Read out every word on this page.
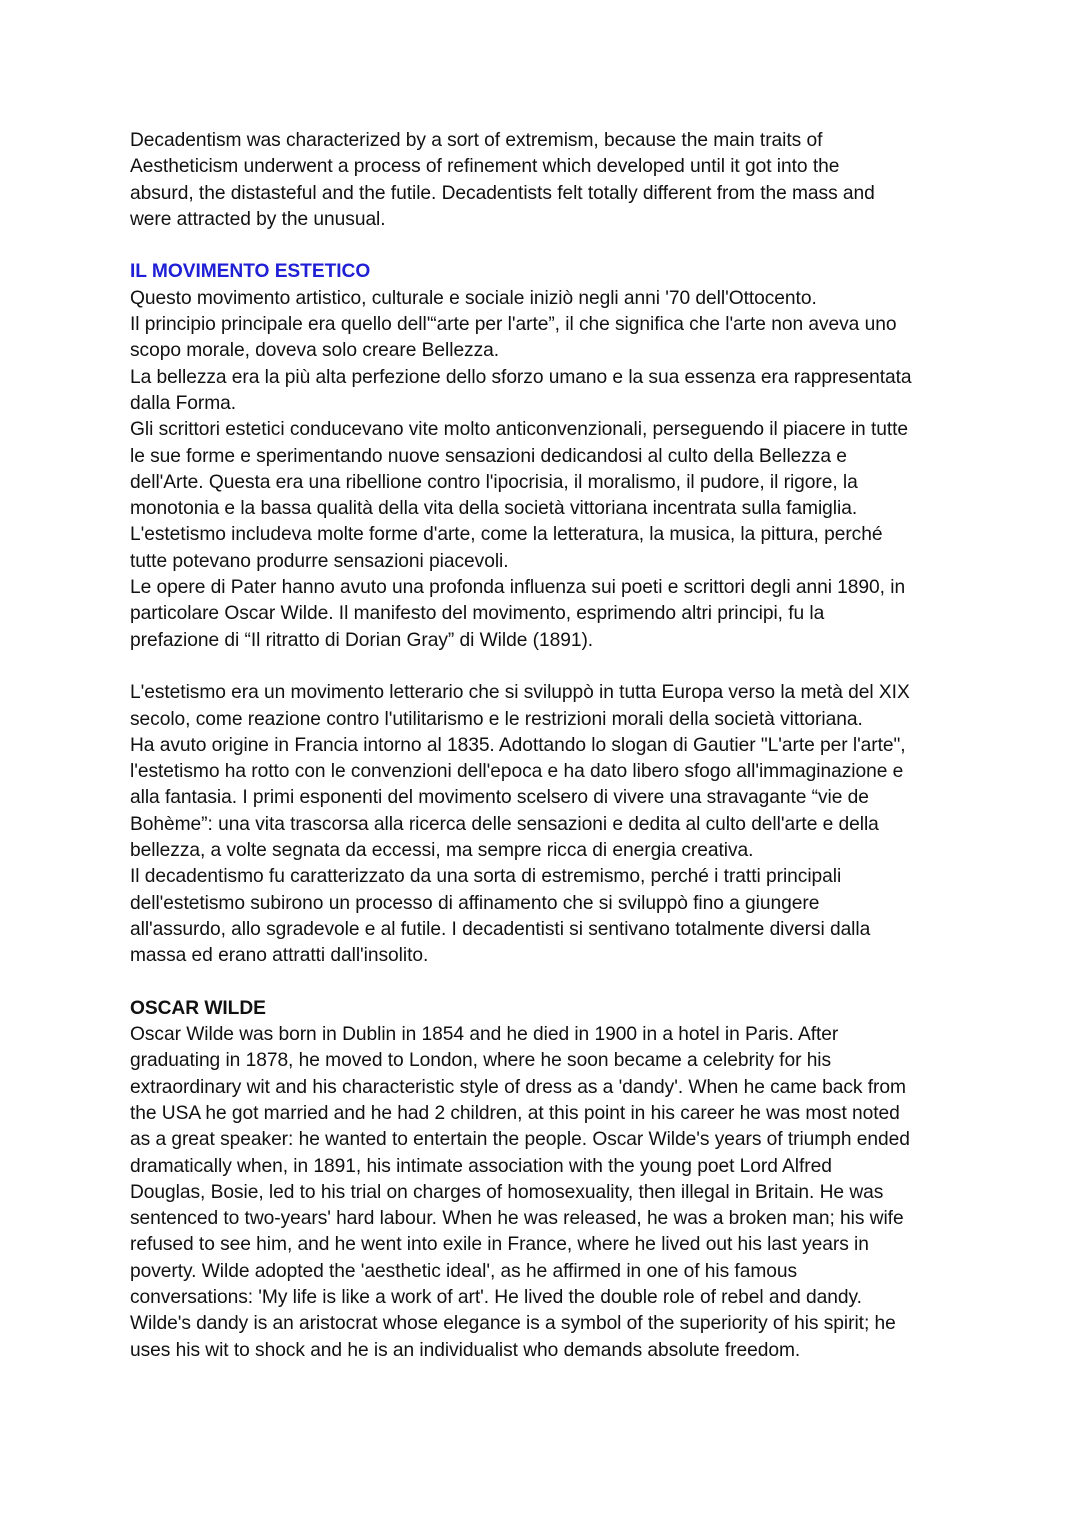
Decadentism was characterized by a sort of extremism, because the main traits of
Aestheticism underwent a process of refinement which developed until it got into the
absurd, the distasteful and the futile. Decadentists felt totally different from the mass and
were attracted by the unusual.
IL MOVIMENTO ESTETICO
Questo movimento artistico, culturale e sociale iniziò negli anni '70 dell'Ottocento.
Il principio principale era quello dell'“arte per l'arte”, il che significa che l'arte non aveva uno
scopo morale, doveva solo creare Bellezza.
La bellezza era la più alta perfezione dello sforzo umano e la sua essenza era rappresentata
dalla Forma.
Gli scrittori estetici conducevano vite molto anticonvenzionali, perseguendo il piacere in tutte
le sue forme e sperimentando nuove sensazioni dedicandosi al culto della Bellezza e
dell'Arte. Questa era una ribellione contro l'ipocrisia, il moralismo, il pudore, il rigore, la
monotonia e la bassa qualità della vita della società vittoriana incentrata sulla famiglia.
L'estetismo includeva molte forme d'arte, come la letteratura, la musica, la pittura, perché
tutte potevano produrre sensazioni piacevoli.
Le opere di Pater hanno avuto una profonda influenza sui poeti e scrittori degli anni 1890, in
particolare Oscar Wilde. Il manifesto del movimento, esprimendo altri principi, fu la
prefazione di “Il ritratto di Dorian Gray” di Wilde (1891).
L'estetismo era un movimento letterario che si sviluppò in tutta Europa verso la metà del XIX
secolo, come reazione contro l'utilitarismo e le restrizioni morali della società vittoriana.
Ha avuto origine in Francia intorno al 1835. Adottando lo slogan di Gautier "L'arte per l'arte",
l'estetismo ha rotto con le convenzioni dell'epoca e ha dato libero sfogo all'immaginazione e
alla fantasia. I primi esponenti del movimento scelsero di vivere una stravagante “vie de
Bohème”: una vita trascorsa alla ricerca delle sensazioni e dedita al culto dell'arte e della
bellezza, a volte segnata da eccessi, ma sempre ricca di energia creativa.
Il decadentismo fu caratterizzato da una sorta di estremismo, perché i tratti principali
dell'estetismo subirono un processo di affinamento che si sviluppò fino a giungere
all'assurdo, allo sgradevole e al futile. I decadentisti si sentivano totalmente diversi dalla
massa ed erano attratti dall'insolito.
OSCAR WILDE
Oscar Wilde was born in Dublin in 1854 and he died in 1900 in a hotel in Paris. After
graduating in 1878, he moved to London, where he soon became a celebrity for his
extraordinary wit and his characteristic style of dress as a 'dandy'. When he came back from
the USA he got married and he had 2 children, at this point in his career he was most noted
as a great speaker: he wanted to entertain the people. Oscar Wilde's years of triumph ended
dramatically when, in 1891, his intimate association with the young poet Lord Alfred
Douglas, Bosie, led to his trial on charges of homosexuality, then illegal in Britain. He was
sentenced to two-years' hard labour. When he was released, he was a broken man; his wife
refused to see him, and he went into exile in France, where he lived out his last years in
poverty. Wilde adopted the 'aesthetic ideal', as he affirmed in one of his famous
conversations: 'My life is like a work of art'. He lived the double role of rebel and dandy.
Wilde's dandy is an aristocrat whose elegance is a symbol of the superiority of his spirit; he
uses his wit to shock and he is an individualist who demands absolute freedom.
